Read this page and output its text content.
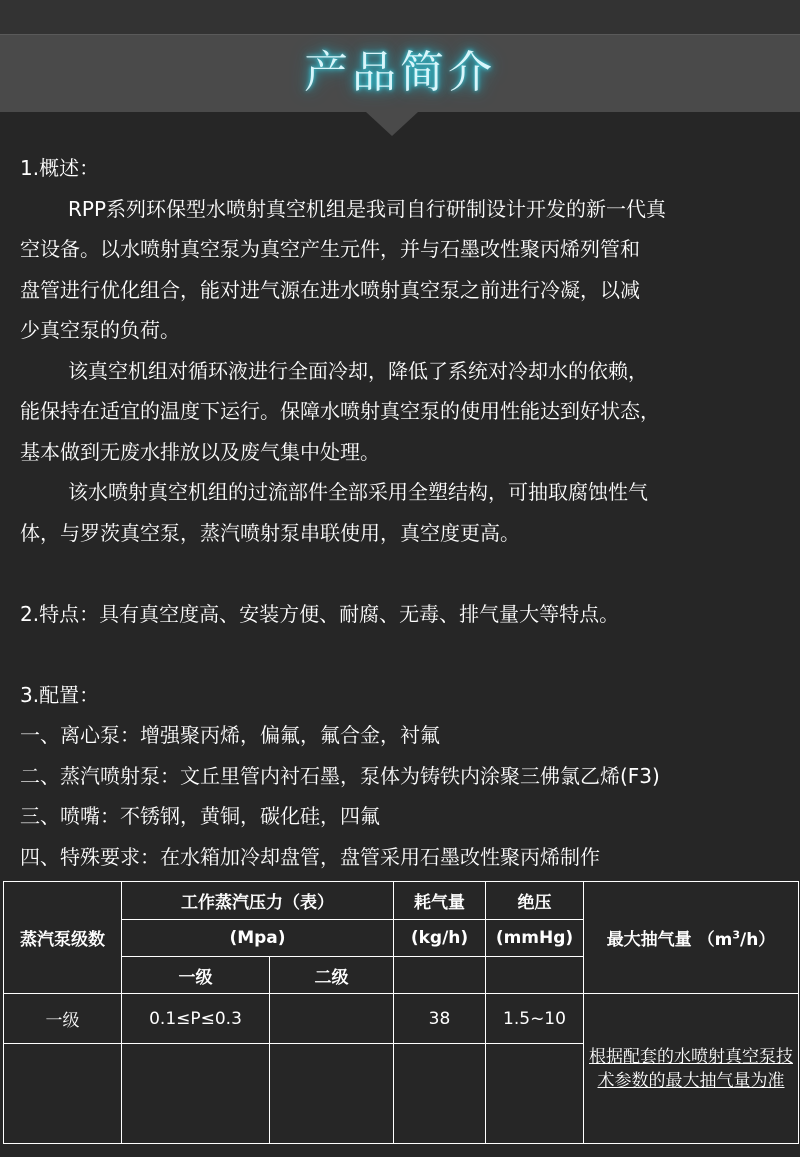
产品简介
1.概述：
RPP系列环保型水喷射真空机组是我司自行研制设计开发的新一代真
空设备。以水喷射真空泵为真空产生元件，并与石墨改性聚丙烯列管和
盘管进行优化组合，能对进气源在进水喷射真空泵之前进行冷凝，以减
少真空泵的负荷。
该真空机组对循环液进行全面冷却，降低了系统对冷却水的依赖，
能保持在适宜的温度下运行。保障水喷射真空泵的使用性能达到好状态，
基本做到无废水排放以及废气集中处理。
该水喷射真空机组的过流部件全部采用全塑结构，可抽取腐蚀性气
体，与罗茨真空泵，蒸汽喷射泵串联使用，真空度更高。
2.特点：具有真空度高、安装方便、耐腐、无毒、排气量大等特点。
3.配置：
一、离心泵：增强聚丙烯，偏氟，氟合金，衬氟
二、蒸汽喷射泵：文丘里管内衬石墨，泵体为铸铁内涂聚三佛氯乙烯(F3)
三、喷嘴：不锈钢，黄铜，碳化硅，四氟
四、特殊要求：在水箱加冷却盘管，盘管采用石墨改性聚丙烯制作
蒸汽泵级数	工作蒸汽压力（表）		耗气量	绝压	最大抽气量 $(m^3/h)$
	(Mpa)		(kg/h)	(mmHg)	
	一级	二级			
一级	0.1≤P≤0.3		38	1.5~10	根据配套的水喷射真空泵技术参数的最大抽气量为准
